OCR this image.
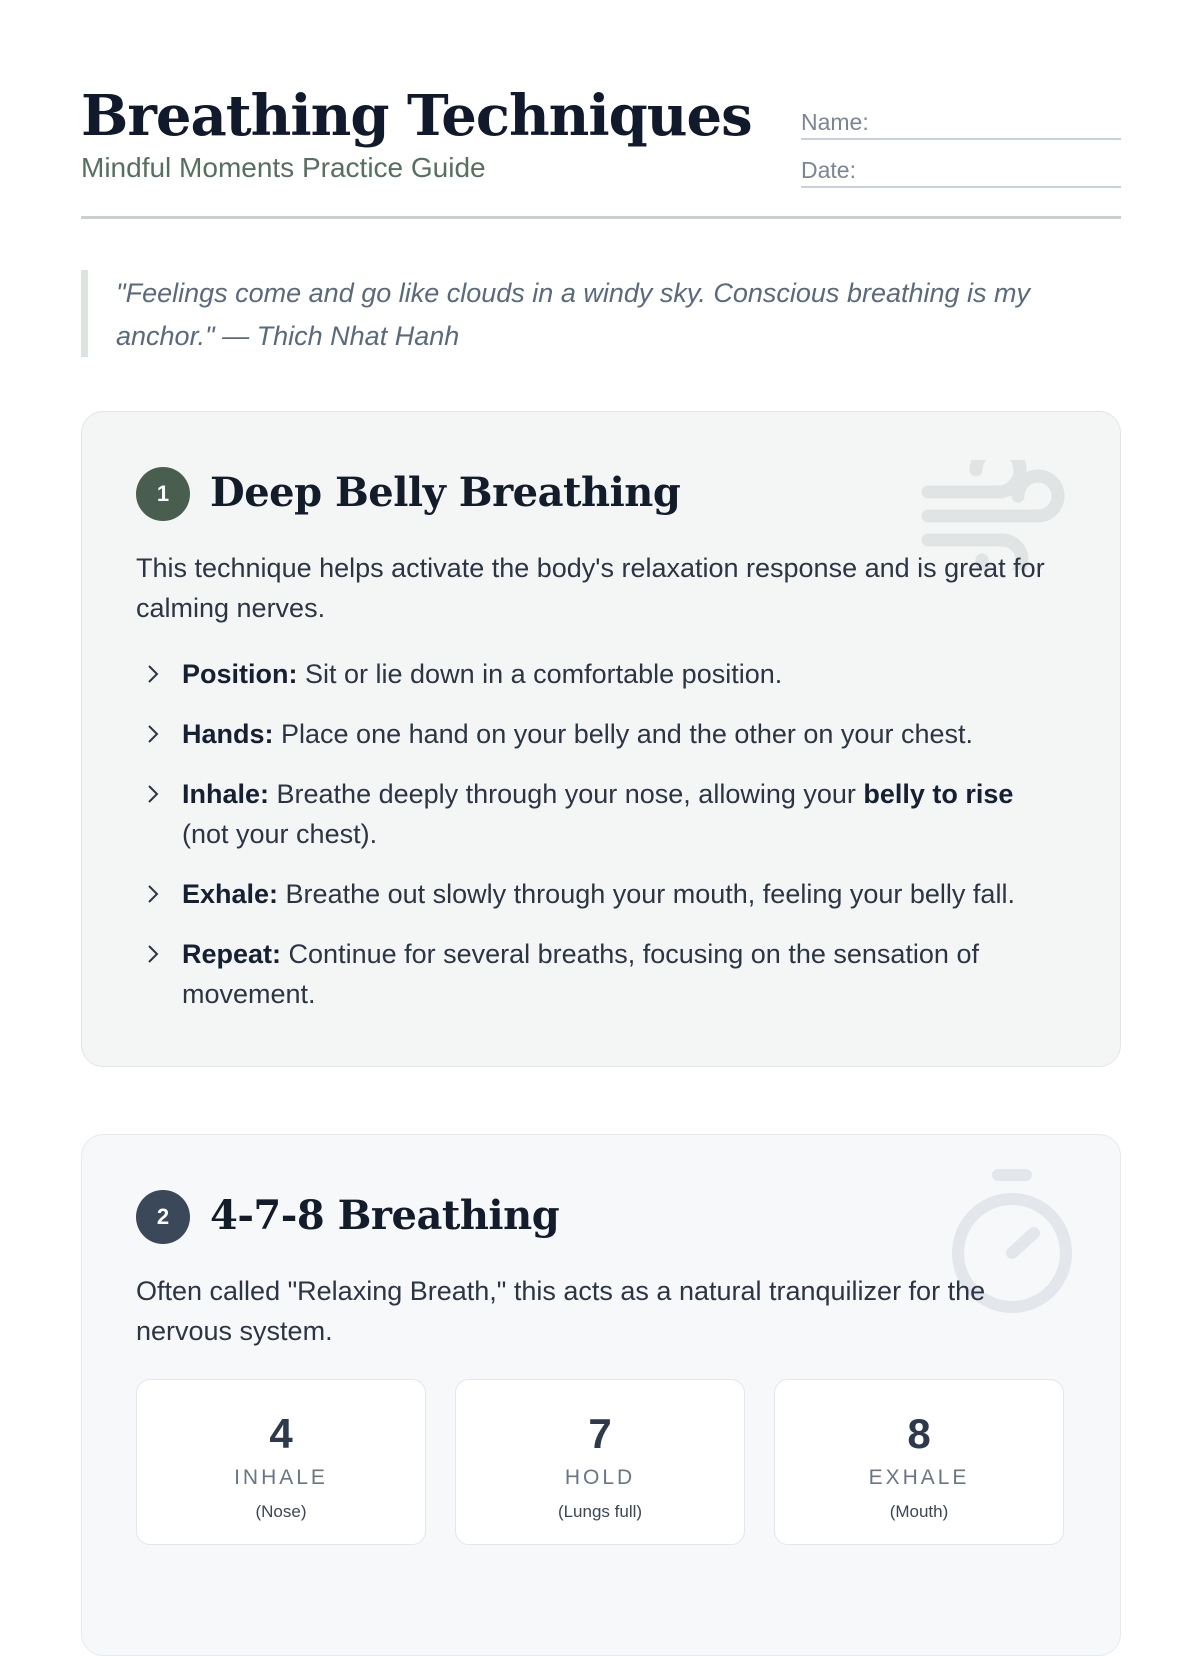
Breathing Techniques
Mindful Moments Practice Guide
Name:
Date:

"Feelings come and go like clouds in a windy sky. Conscious breathing is my anchor." — Thich Nhat Hanh

1	Deep Belly Breathing

This technique helps activate the body's relaxation response and is great for calming nerves.

Position: Sit or lie down in a comfortable position.
Hands: Place one hand on your belly and the other on your chest.
Inhale: Breathe deeply through your nose, allowing your belly to rise (not your chest).
Exhale: Breathe out slowly through your mouth, feeling your belly fall.
Repeat: Continue for several breaths, focusing on the sensation of movement.
2	4-7-8 Breathing

Often called "Relaxing Breath," this acts as a natural tranquilizer for the nervous system.

4
INHALE
(Nose)
7
HOLD
(Lungs full)
8
EXHALE
(Mouth)
